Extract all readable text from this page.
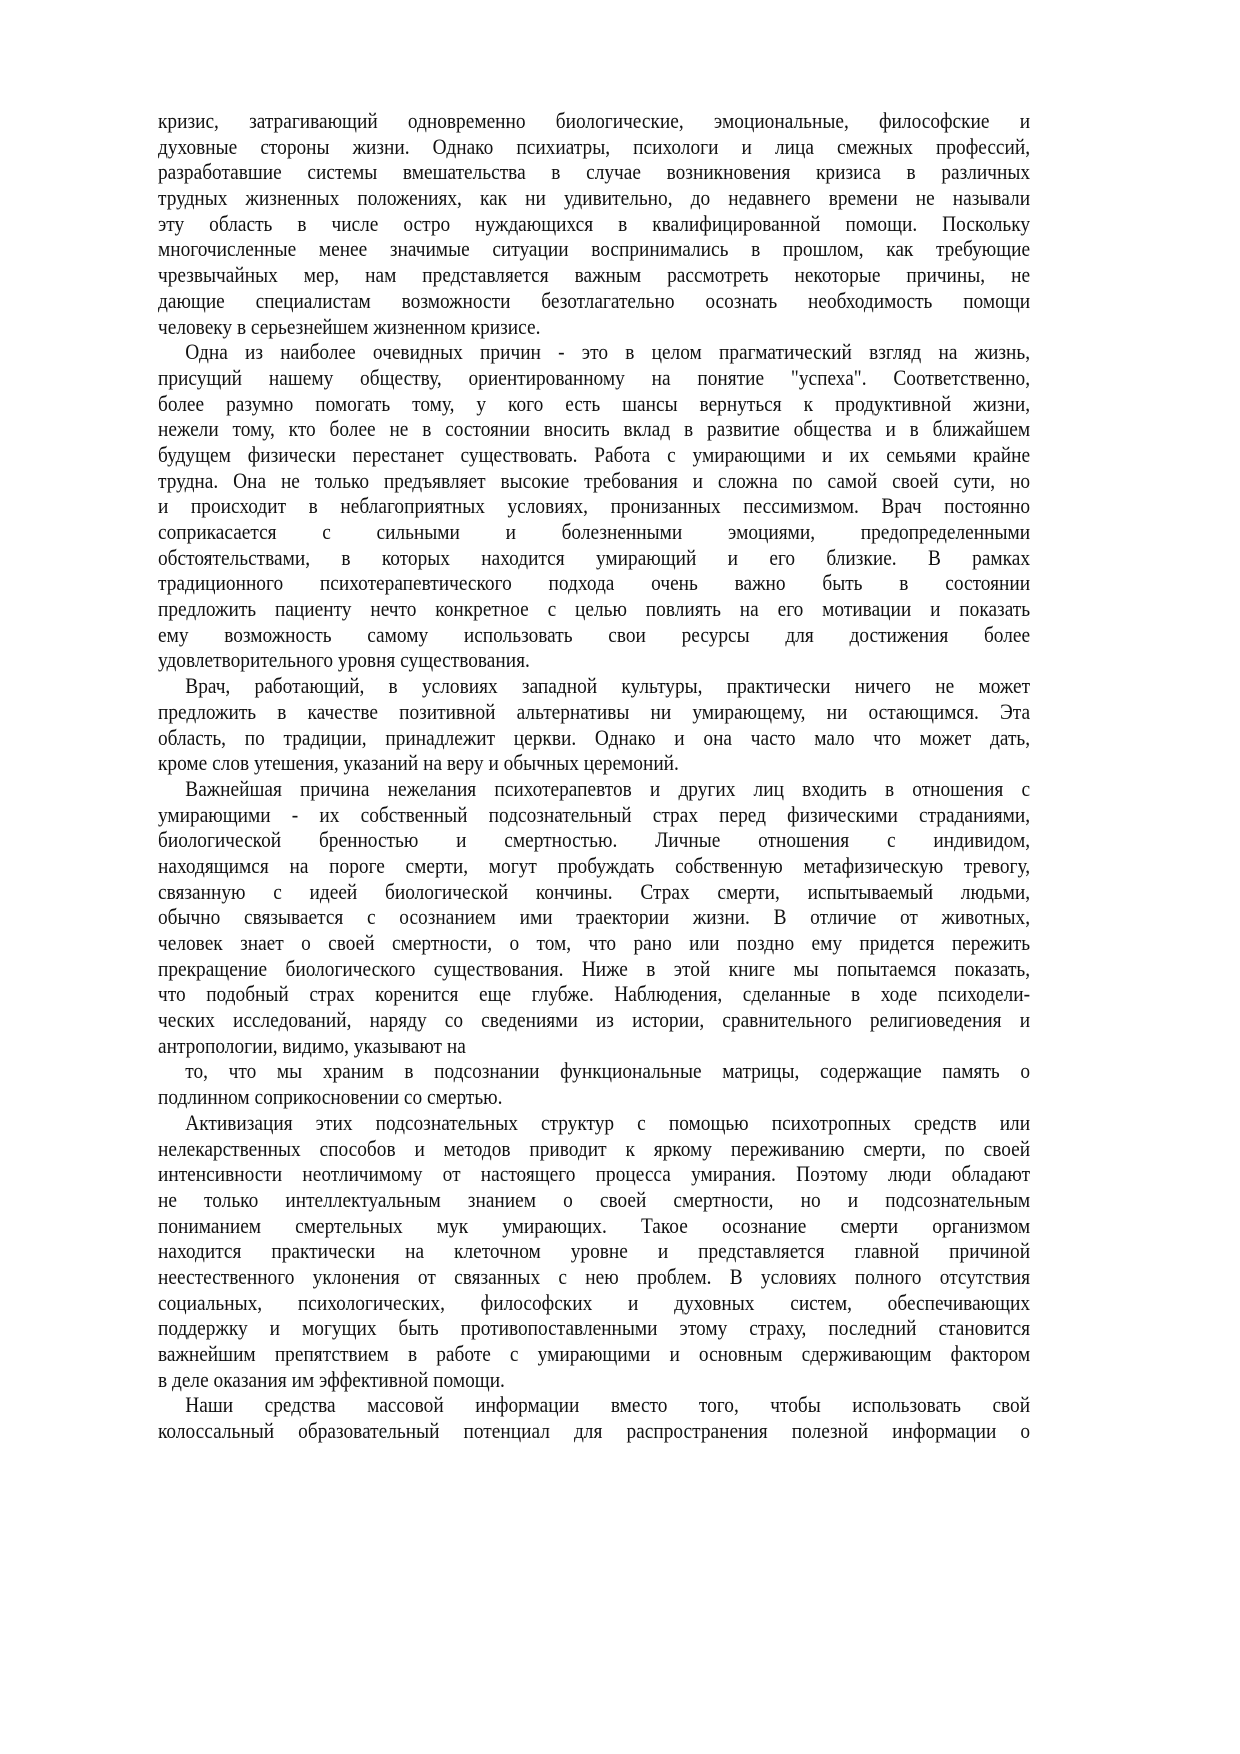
кризис, затрагивающий одновременно биологические, эмоциональные, философские и
духовные стороны жизни. Однако психиатры, психологи и лица смежных профессий,
разработавшие системы вмешательства в случае возникновения кризиса в различных
трудных жизненных положениях, как ни удивительно, до недавнего времени не называли
эту область в числе остро нуждающихся в квалифицированной помощи. Поскольку
многочисленные менее значимые ситуации воспринимались в прошлом, как требующие
чрезвычайных мер, нам представляется важным рассмотреть некоторые причины, не
дающие специалистам возможности безотлагательно осознать необходимость помощи
человеку в серьезнейшем жизненном кризисе.
Одна из наиболее очевидных причин - это в целом прагматический взгляд на жизнь,
присущий нашему обществу, ориентированному на понятие "успеха". Соответственно,
более разумно помогать тому, у кого есть шансы вернуться к продуктивной жизни,
нежели тому, кто более не в состоянии вносить вклад в развитие общества и в ближайшем
будущем физически перестанет существовать. Работа с умирающими и их семьями крайне
трудна. Она не только предъявляет высокие требования и сложна по самой своей сути, но
и происходит в неблагоприятных условиях, пронизанных пессимизмом. Врач постоянно
соприкасается с сильными и болезненными эмоциями, предопределенными
обстоятельствами, в которых находится умирающий и его близкие. В рамках
традиционного психотерапевтического подхода очень важно быть в состоянии
предложить пациенту нечто конкретное с целью повлиять на его мотивации и показать
ему возможность самому использовать свои ресурсы для достижения более
удовлетворительного уровня существования.
Врач, работающий, в условиях западной культуры, практически ничего не может
предложить в качестве позитивной альтернативы ни умирающему, ни остающимся. Эта
область, по традиции, принадлежит церкви. Однако и она часто мало что может дать,
кроме слов утешения, указаний на веру и обычных церемоний.
Важнейшая причина нежелания психотерапевтов и других лиц входить в отношения с
умирающими - их собственный подсознательный страх перед физическими страданиями,
биологической бренностью и смертностью. Личные отношения с индивидом,
находящимся на пороге смерти, могут пробуждать собственную метафизическую тревогу,
связанную с идеей биологической кончины. Страх смерти, испытываемый людьми,
обычно связывается с осознанием ими траектории жизни. В отличие от животных,
человек знает о своей смертности, о том, что рано или поздно ему придется пережить
прекращение биологического существования. Ниже в этой книге мы попытаемся показать,
что подобный страх коренится еще глубже. Наблюдения, сделанные в ходе психодели-
ческих исследований, наряду со сведениями из истории, сравнительного религиоведения и
антропологии, видимо, указывают на
то, что мы храним в подсознании функциональные матрицы, содержащие память о
подлинном соприкосновении со смертью.
Активизация этих подсознательных структур с помощью психотропных средств или
нелекарственных способов и методов приводит к яркому переживанию смерти, по своей
интенсивности неотличимому от настоящего процесса умирания. Поэтому люди обладают
не только интеллектуальным знанием о своей смертности, но и подсознательным
пониманием смертельных мук умирающих. Такое осознание смерти организмом
находится практически на клеточном уровне и представляется главной причиной
неестественного уклонения от связанных с нею проблем. В условиях полного отсутствия
социальных, психологических, философских и духовных систем, обеспечивающих
поддержку и могущих быть противопоставленными этому страху, последний становится
важнейшим препятствием в работе с умирающими и основным сдерживающим фактором
в деле оказания им эффективной помощи.
Наши средства массовой информации вместо того, чтобы использовать свой
колоссальный образовательный потенциал для распространения полезной информации о
